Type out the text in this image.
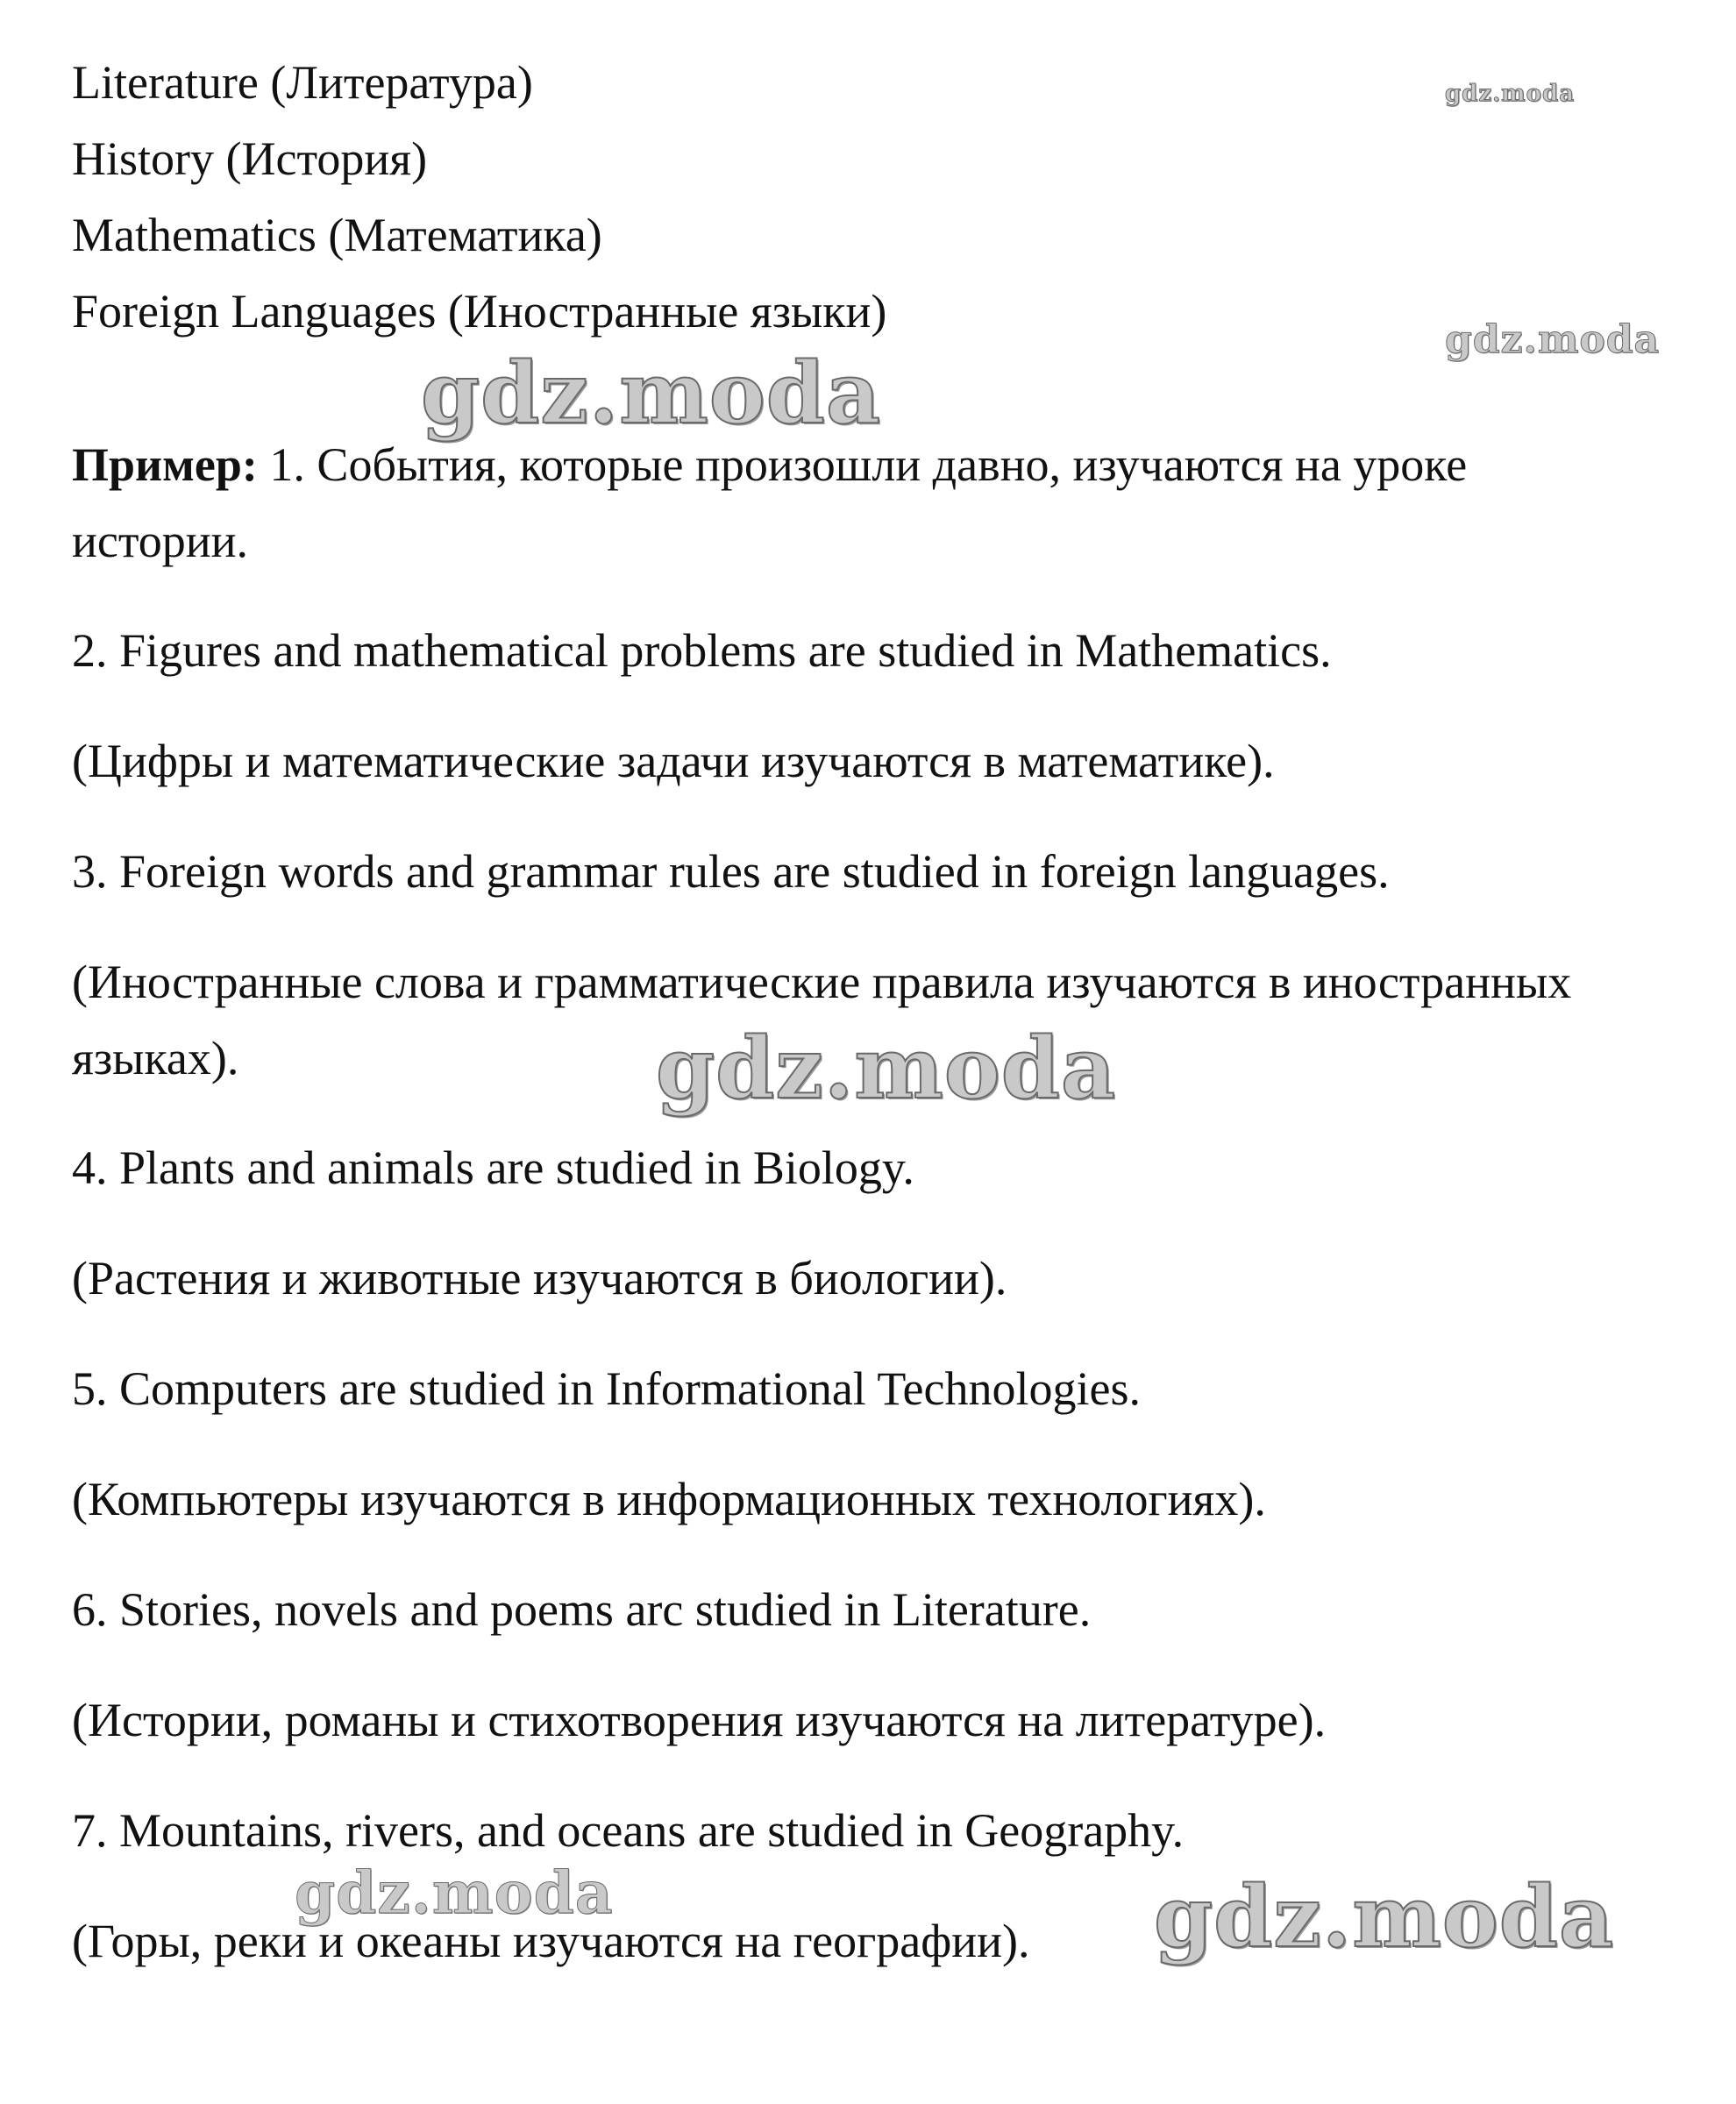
Literature (Литература)
History (История)
Mathematics (Математика)
Foreign Languages (Иностранные языки)
Пример: 1. События, которые произошли давно, изучаются на уроке
истории.
2. Figures and mathematical problems are studied in Mathematics.
(Цифры и математические задачи изучаются в математике).
3. Foreign words and grammar rules are studied in foreign languages.
(Иностранные слова и грамматические правила изучаются в иностранных
языках).
4. Plants and animals are studied in Biology.
(Растения и животные изучаются в биологии).
5. Computers are studied in Informational Technologies.
(Компьютеры изучаются в информационных технологиях).
6. Stories, novels and poems arc studied in Literature.
(Истории, романы и стихотворения изучаются на литературе).
7. Mountains, rivers, and oceans are studied in Geography.
(Горы, реки и океаны изучаются на географии).
gdz.moda
gdz.moda
gdz.moda
gdz.moda
gdz.moda	gdz.moda
